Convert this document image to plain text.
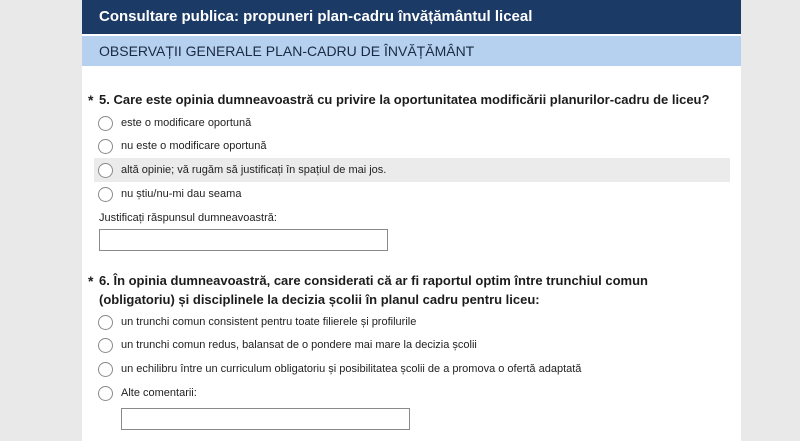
Consultare publica: propuneri plan-cadru învățământul liceal
OBSERVAȚII GENERALE PLAN-CADRU DE ÎNVĂȚĂMÂNT
* 5. Care este opinia dumneavoastră cu privire la oportunitatea modificării planurilor-cadru de liceu?
este o modificare oportună
nu este o modificare oportună
altă opinie; vă rugăm să justificați în spațiul de mai jos.
nu știu/nu-mi dau seama
Justificați răspunsul dumneavoastră:
* 6. În opinia dumneavoastră, care considerati că ar fi raportul optim între trunchiul comun (obligatoriu) și disciplinele la decizia școlii în planul cadru pentru liceu:
un trunchi comun consistent pentru toate filierele și profilurile
un trunchi comun redus, balansat de o pondere mai mare la decizia școlii
un echilibru între un curriculum obligatoriu și posibilitatea școlii de a promova o ofertă adaptată
Alte comentarii:
